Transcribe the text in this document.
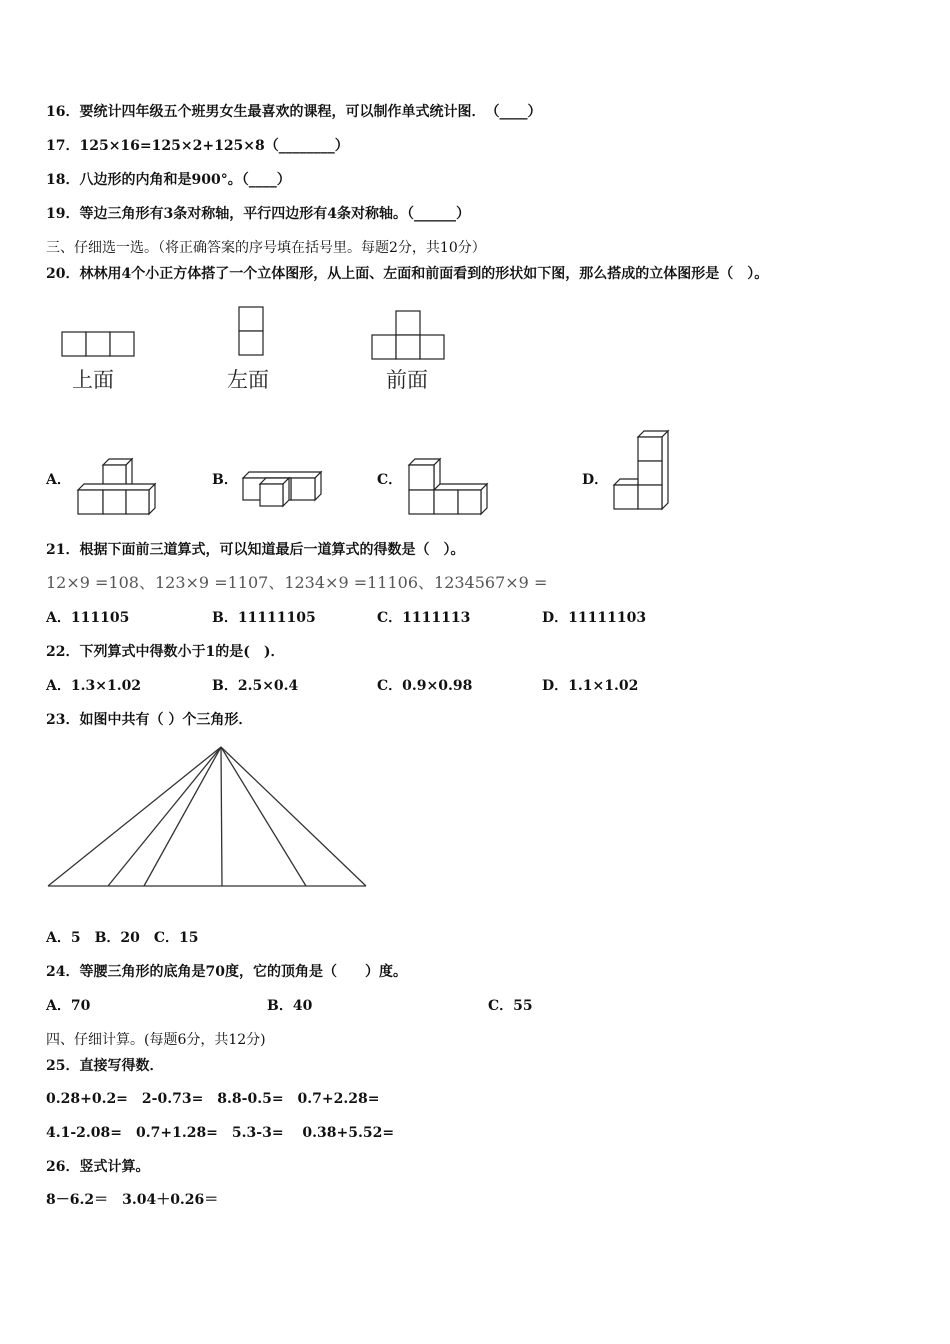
16．要统计四年级五个班男女生最喜欢的课程，可以制作单式统计图．　（____）
17．125×16=125×2+125×8（________）
18．八边形的内角和是900°。（____）
19．等边三角形有3条对称轴，平行四边形有4条对称轴。（______）
三、仔细选一选。（将正确答案的序号填在括号里。每题2分，共10分）
20．林林用4个小正方体搭了一个立体图形，从上面、左面和前面看到的形状如下图，那么搭成的立体图形是（　）。
上面	左面	前面
A．	B．	C．	D．
21．根据下面前三道算式，可以知道最后一道算式的得数是（　）。
12×9 =108、123×9 =1107、1234×9 =11106、1234567×9 =
A．111105	B．11111105	C．1111113	D．11111103
22．下列算式中得数小于1的是(　)．
A．1.3×1.02	B．2.5×0.4	C．0.9×0.98	D．1.1×1.02
23．如图中共有（ ）个三角形．
A．5　B．20　C．15
24．等腰三角形的底角是70度，它的顶角是（　　）度。
A．70	B．40	C．55
四、仔细计算。(每题6分，共12分)
25．直接写得数．
0.28+0.2=　2-0.73=　8.8-0.5=　0.7+2.28=
4.1-2.08=　0.7+1.28=　5.3-3=　 0.38+5.52=
26．竖式计算。
8－6.2＝　3.04＋0.26＝
